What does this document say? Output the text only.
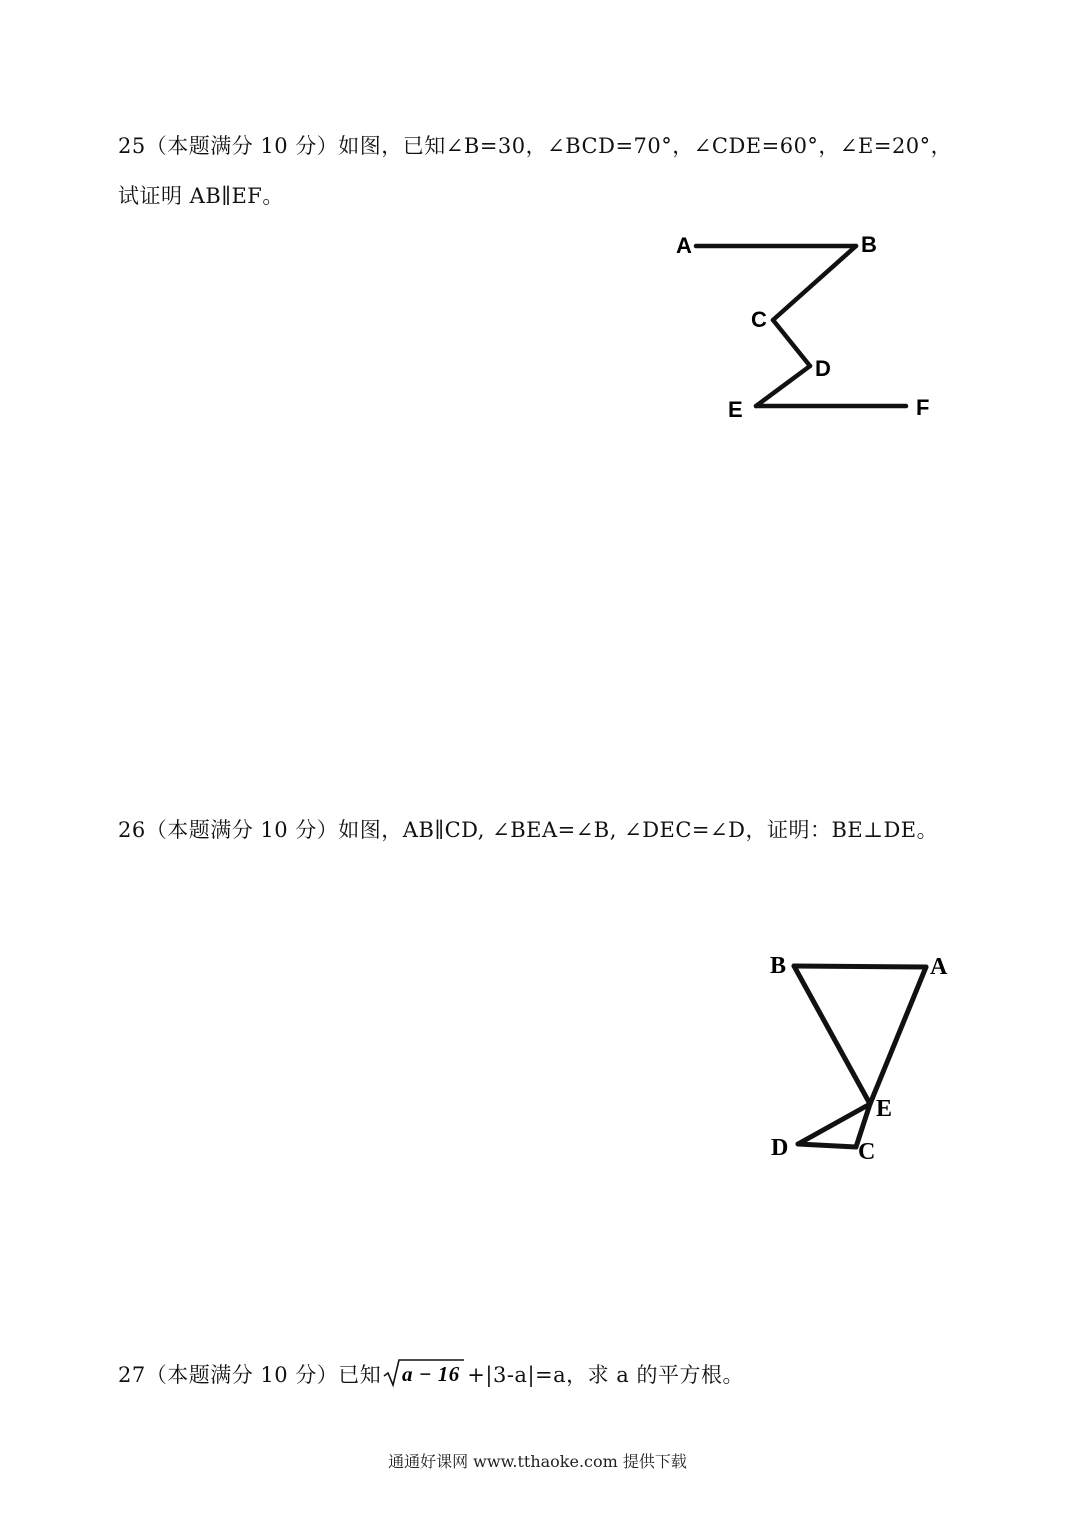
25（本题满分 10 分）如图，已知∠B=30，∠BCD=70°，∠CDE=60°，∠E=20°，
试证明 AB∥EF。
A	B
C
D
E	F
26（本题满分 10 分）如图，AB∥CD, ∠BEA=∠B, ∠DEC=∠D，证明：BE⊥DE。
B	A
E
D	C
27（本题满分 10 分）已知 a − 16 +|3-a|=a，求 a 的平方根。
通通好课网 www.tthaoke.com 提供下载
